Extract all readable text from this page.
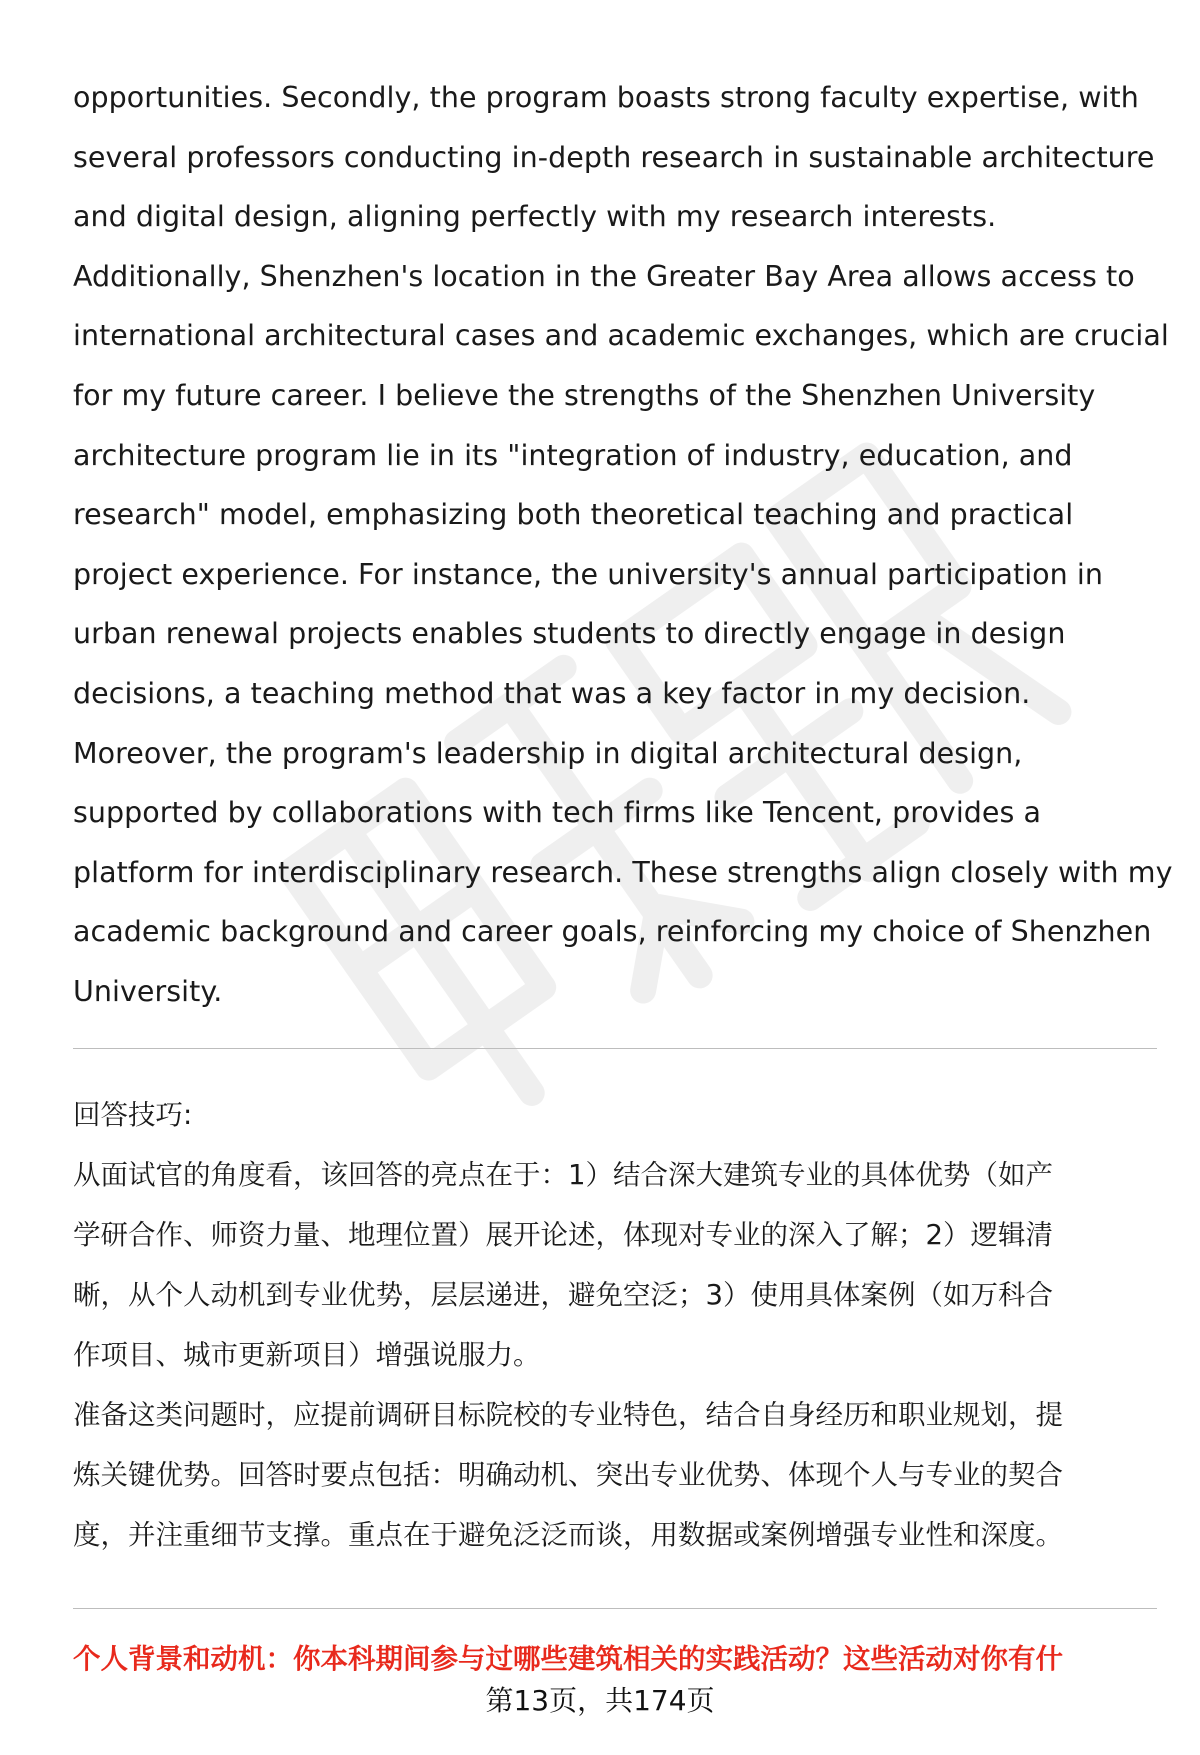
opportunities. Secondly, the program boasts strong faculty expertise, with
several professors conducting in-depth research in sustainable architecture
and digital design, aligning perfectly with my research interests.
Additionally, Shenzhen's location in the Greater Bay Area allows access to
international architectural cases and academic exchanges, which are crucial
for my future career. I believe the strengths of the Shenzhen University
architecture program lie in its "integration of industry, education, and
research" model, emphasizing both theoretical teaching and practical
project experience. For instance, the university's annual participation in
urban renewal projects enables students to directly engage in design
decisions, a teaching method that was a key factor in my decision.
Moreover, the program's leadership in digital architectural design,
supported by collaborations with tech firms like Tencent, provides a
platform for interdisciplinary research. These strengths align closely with my
academic background and career goals, reinforcing my choice of Shenzhen
University.

回答技巧:
从面试官的角度看，该回答的亮点在于：1）结合深大建筑专业的具体优势（如产
学研合作、师资力量、地理位置）展开论述，体现对专业的深入了解；2）逻辑清
晰，从个人动机到专业优势，层层递进，避免空泛；3）使用具体案例（如万科合
作项目、城市更新项目）增强说服力。
准备这类问题时，应提前调研目标院校的专业特色，结合自身经历和职业规划，提
炼关键优势。回答时要点包括：明确动机、突出专业优势、体现个人与专业的契合
度，并注重细节支撑。重点在于避免泛泛而谈，用数据或案例增强专业性和深度。
个人背景和动机：你本科期间参与过哪些建筑相关的实践活动？这些活动对你有什
第13页，共174页
